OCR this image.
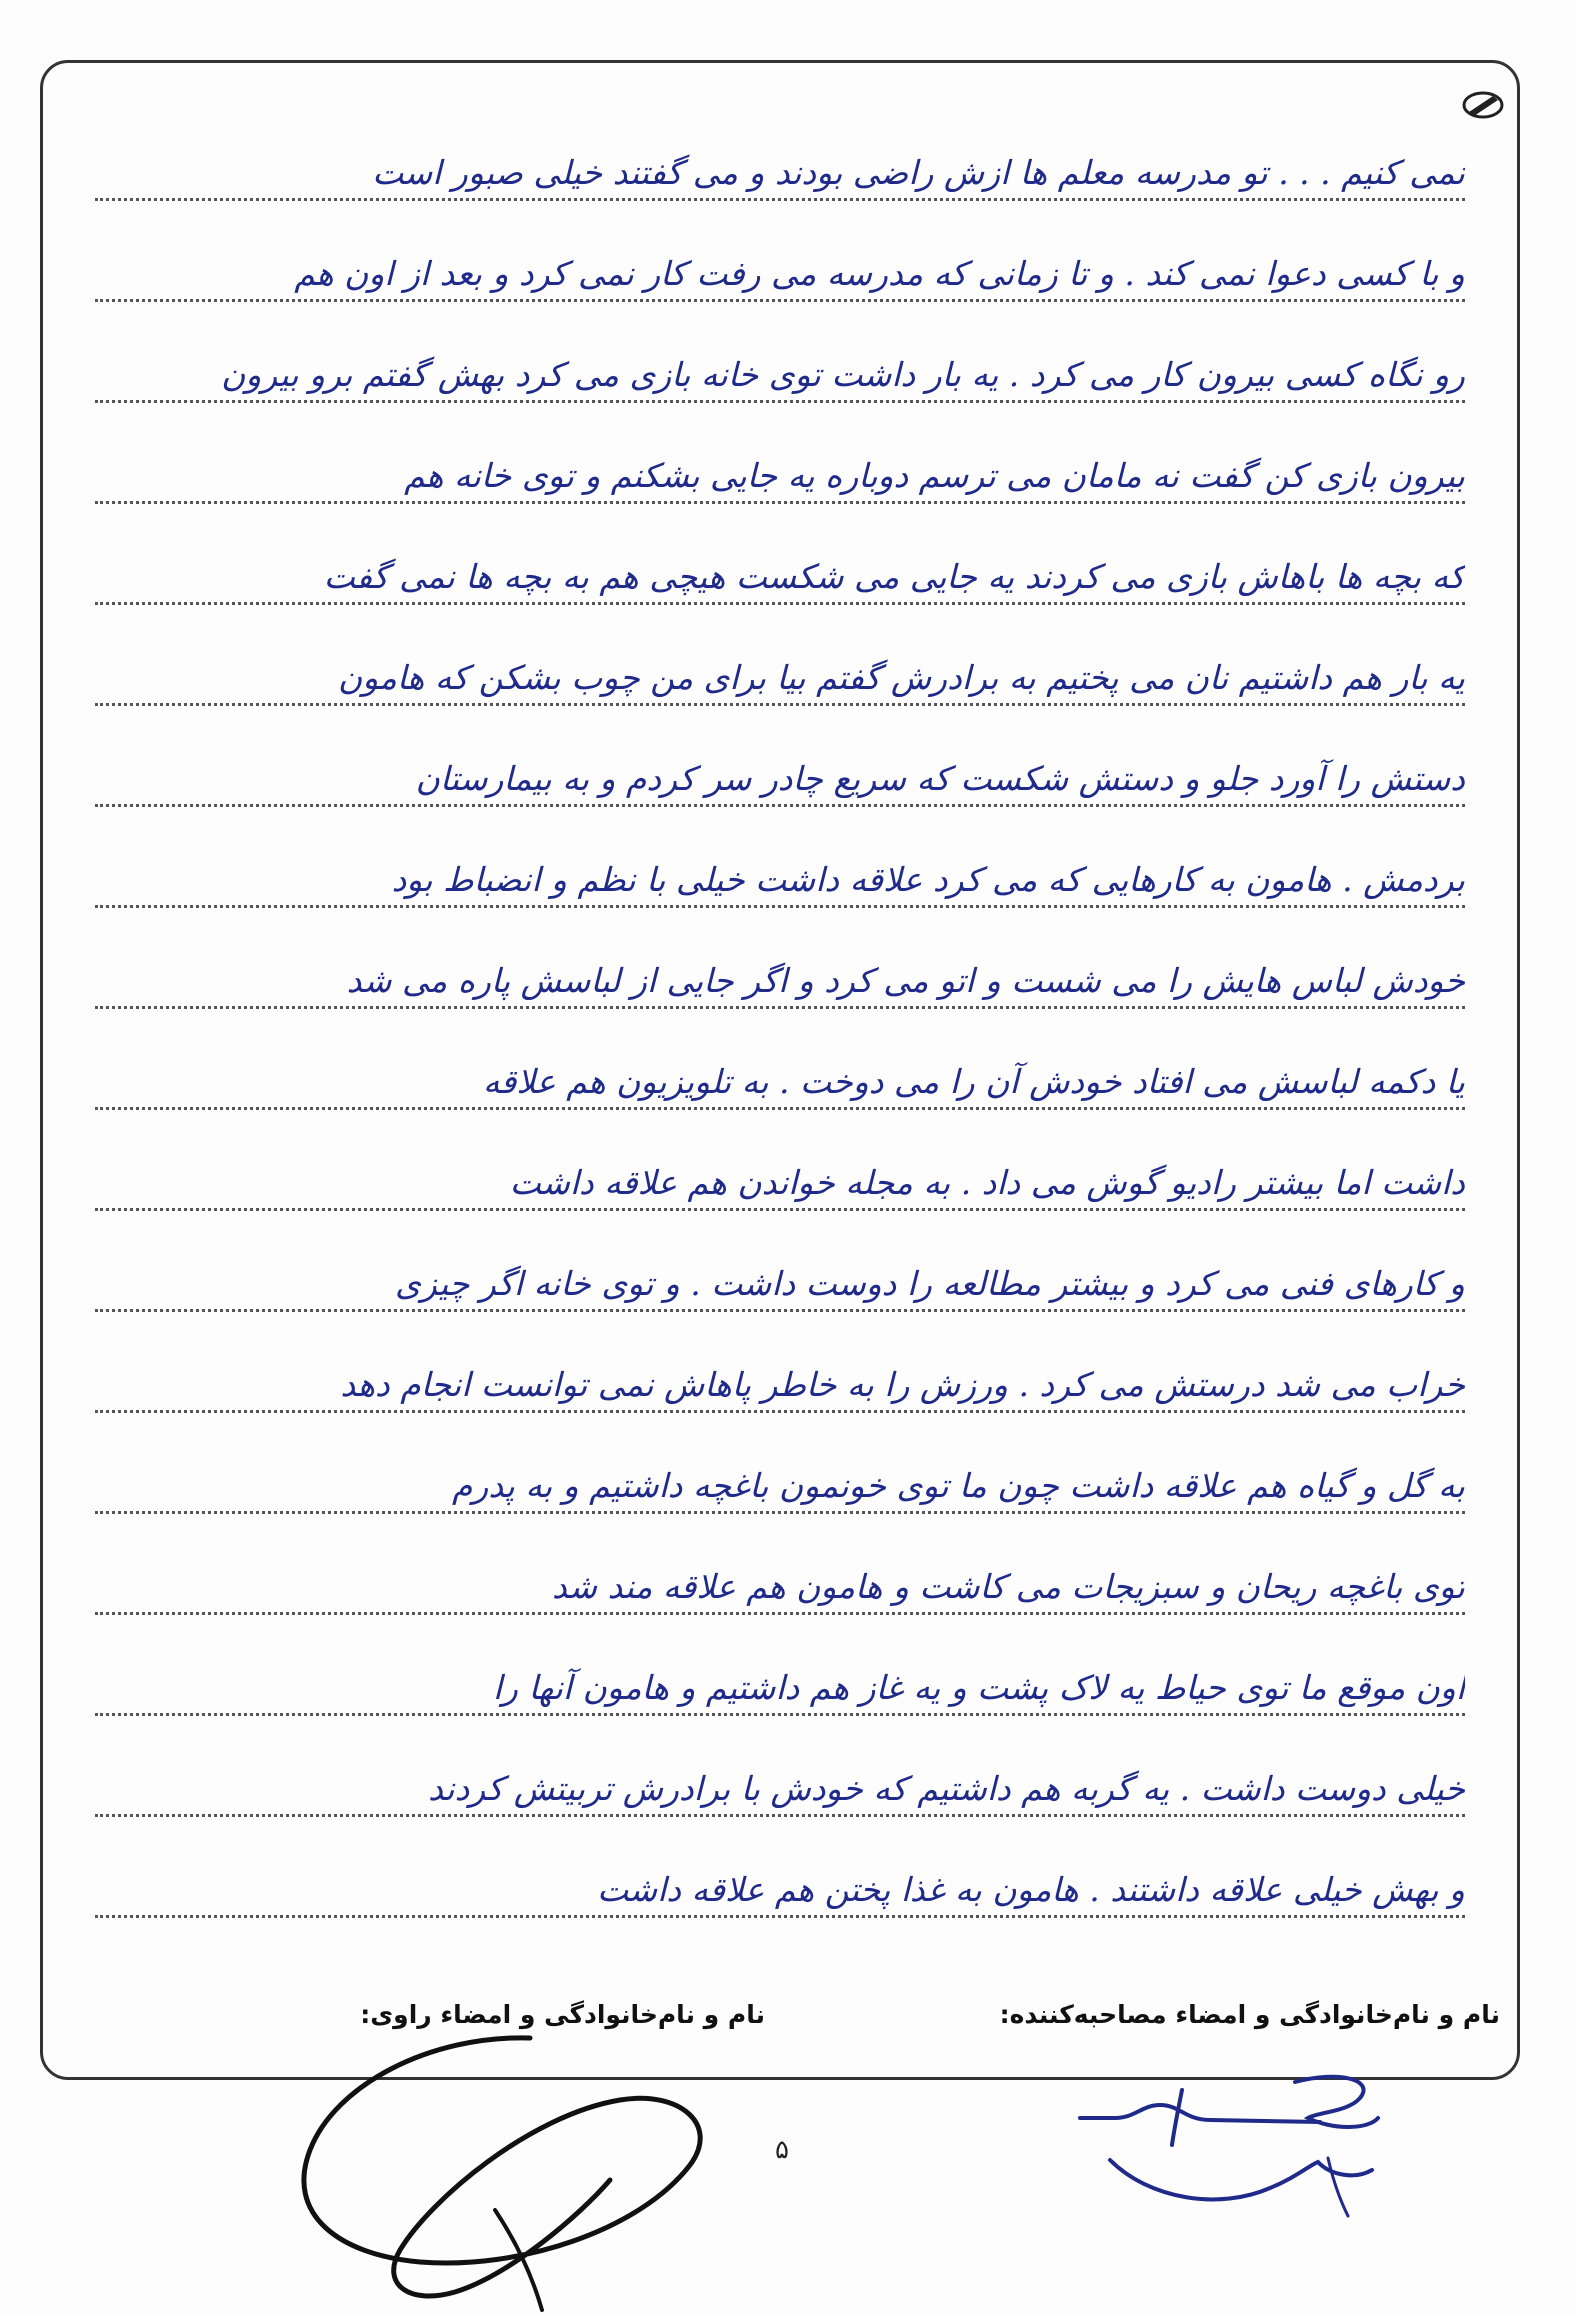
نمی کنیم . . . تو مدرسه معلم ها ازش راضی بودند و می گفتند خیلی صبور است
و با کسی دعوا نمی کند . و تا زمانی که مدرسه می رفت کار نمی کرد و بعد از اون هم
رو نگاه کسی بیرون کار می کرد . یه بار داشت توی خانه بازی می کرد بهش گفتم برو بیرون
بیرون بازی کن گفت نه مامان می ترسم دوباره یه جایی بشکنم و توی خانه هم
که بچه ها باهاش بازی می کردند یه جایی می شکست هیچی هم به بچه ها نمی گفت
یه بار هم داشتیم نان می پختیم به برادرش گفتم بیا برای من چوب بشکن که هامون
دستش را آورد جلو و دستش شکست که سریع چادر سر کردم و به بیمارستان
بردمش . هامون به کارهایی که می کرد علاقه داشت خیلی با نظم و انضباط بود
خودش لباس هایش را می شست و اتو می کرد و اگر جایی از لباسش پاره می شد
یا دکمه لباسش می افتاد خودش آن را می دوخت . به تلویزیون هم علاقه
داشت اما بیشتر رادیو گوش می داد . به مجله خواندن هم علاقه داشت
و کارهای فنی می کرد و بیشتر مطالعه را دوست داشت . و توی خانه اگر چیزی
خراب می شد درستش می کرد . ورزش را به خاطر پاهاش نمی توانست انجام دهد
به گل و گیاه هم علاقه داشت چون ما توی خونمون باغچه داشتیم و به پدرم
توی باغچه ریحان و سبزیجات می کاشت و هامون هم علاقه مند شد
اون موقع ما توی حیاط یه لاک پشت و یه غاز هم داشتیم و هامون آنها را
خیلی دوست داشت . یه گربه هم داشتیم که خودش با برادرش تربیتش کردند
و بهش خیلی علاقه داشتند . هامون به غذا پختن هم علاقه داشت
نام و نام‌خانوادگی و امضاء مصاحبه‌کننده:
نام و نام‌خانوادگی و امضاء راوی:
۵
